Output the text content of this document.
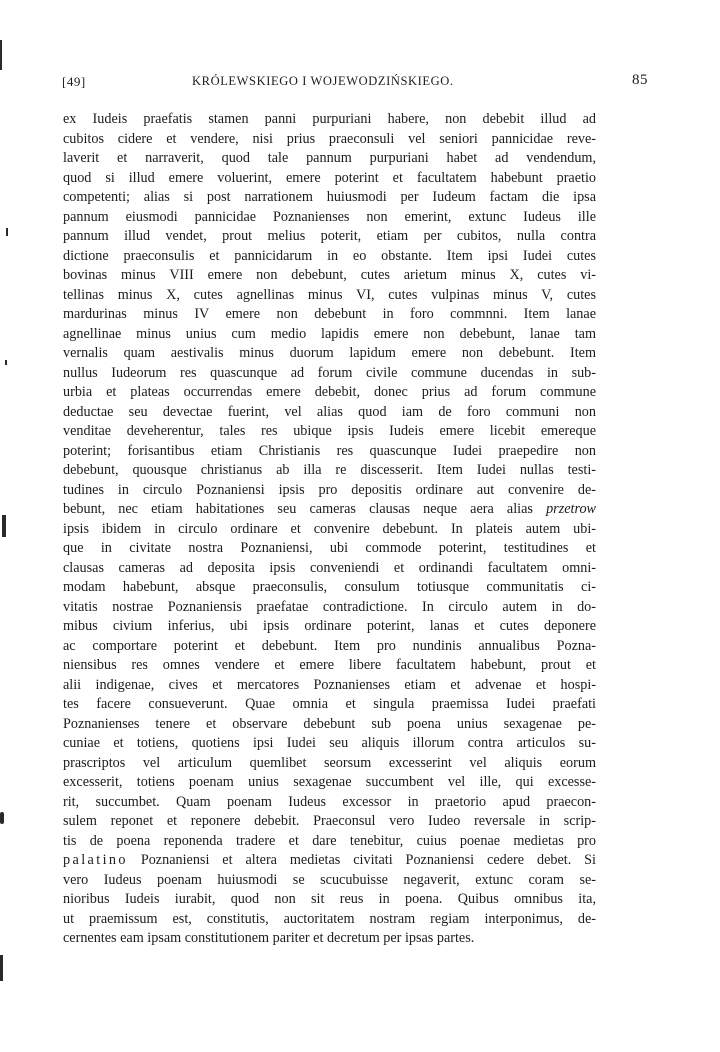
[49]	KRÓLEWSKIEGO I WOJEWODZIŃSKIEGO.	85
ex Iudeis praefatis stamen panni purpuriani habere, non debebit illud ad
cubitos cidere et vendere, nisi prius praeconsuli vel seniori pannicidae reve-
laverit et narraverit, quod tale pannum purpuriani habet ad vendendum,
quod si illud emere voluerint, emere poterint et facultatem habebunt praetio
competenti; alias si post narrationem huiusmodi per Iudeum factam die ipsa
pannum eiusmodi pannicidae Poznanienses non emerint, extunc Iudeus ille
pannum illud vendet, prout melius poterit, etiam per cubitos, nulla contra
dictione praeconsulis et pannicidarum in eo obstante. Item ipsi Iudei cutes
bovinas minus VIII emere non debebunt, cutes arietum minus X, cutes vi-
tellinas minus X, cutes agnellinas minus VI, cutes vulpinas minus V, cutes
mardurinas minus IV emere non debebunt in foro commnni. Item lanae
agnellinae minus unius cum medio lapidis emere non debebunt, lanae tam
vernalis quam aestivalis minus duorum lapidum emere non debebunt. Item
nullus Iudeorum res quascunque ad forum civile commune ducendas in sub-
urbia et plateas occurrendas emere debebit, donec prius ad forum commune
deductae seu devectae fuerint, vel alias quod iam de foro communi non
venditae deveherentur, tales res ubique ipsis Iudeis emere licebit emereque
poterint; forisantibus etiam Christianis res quascunque Iudei praepedire non
debebunt, quousque christianus ab illa re discesserit. Item Iudei nullas testi-
tudines in circulo Poznaniensi ipsis pro depositis ordinare aut convenire de-
bebunt, nec etiam habitationes seu cameras clausas neque aera alias przetrow
ipsis ibidem in circulo ordinare et convenire debebunt. In plateis autem ubi-
que in civitate nostra Poznaniensi, ubi commode poterint, testitudines et
clausas cameras ad deposita ipsis conveniendi et ordinandi facultatem omni-
modam habebunt, absque praeconsulis, consulum totiusque communitatis ci-
vitatis nostrae Poznaniensis praefatae contradictione. In circulo autem in do-
mibus civium inferius, ubi ipsis ordinare poterint, lanas et cutes deponere
ac comportare poterint et debebunt. Item pro nundinis annualibus Pozna-
niensibus res omnes vendere et emere libere facultatem habebunt, prout et
alii indigenae, cives et mercatores Poznanienses etiam et advenae et hospi-
tes facere consueverunt. Quae omnia et singula praemissa Iudei praefati
Poznanienses tenere et observare debebunt sub poena unius sexagenae pe-
cuniae et totiens, quotiens ipsi Iudei seu aliquis illorum contra articulos su-
prascriptos vel articulum quemlibet seorsum excesserint vel aliquis eorum
excesserit, totiens poenam unius sexagenae succumbent vel ille, qui excesse-
rit, succumbet. Quam poenam Iudeus excessor in praetorio apud praecon-
sulem reponet et reponere debebit. Praeconsul vero Iudeo reversale in scrip-
tis de poena reponenda tradere et dare tenebitur, cuius poenae medietas pro
palatino Poznaniensi et altera medietas civitati Poznaniensi cedere debet. Si
vero Iudeus poenam huiusmodi se scucubuisse negaverit, extunc coram se-
nioribus Iudeis iurabit, quod non sit reus in poena. Quibus omnibus ita,
ut praemissum est, constitutis, auctoritatem nostram regiam interponimus, de-
cernentes eam ipsam constitutionem pariter et decretum per ipsas partes.
